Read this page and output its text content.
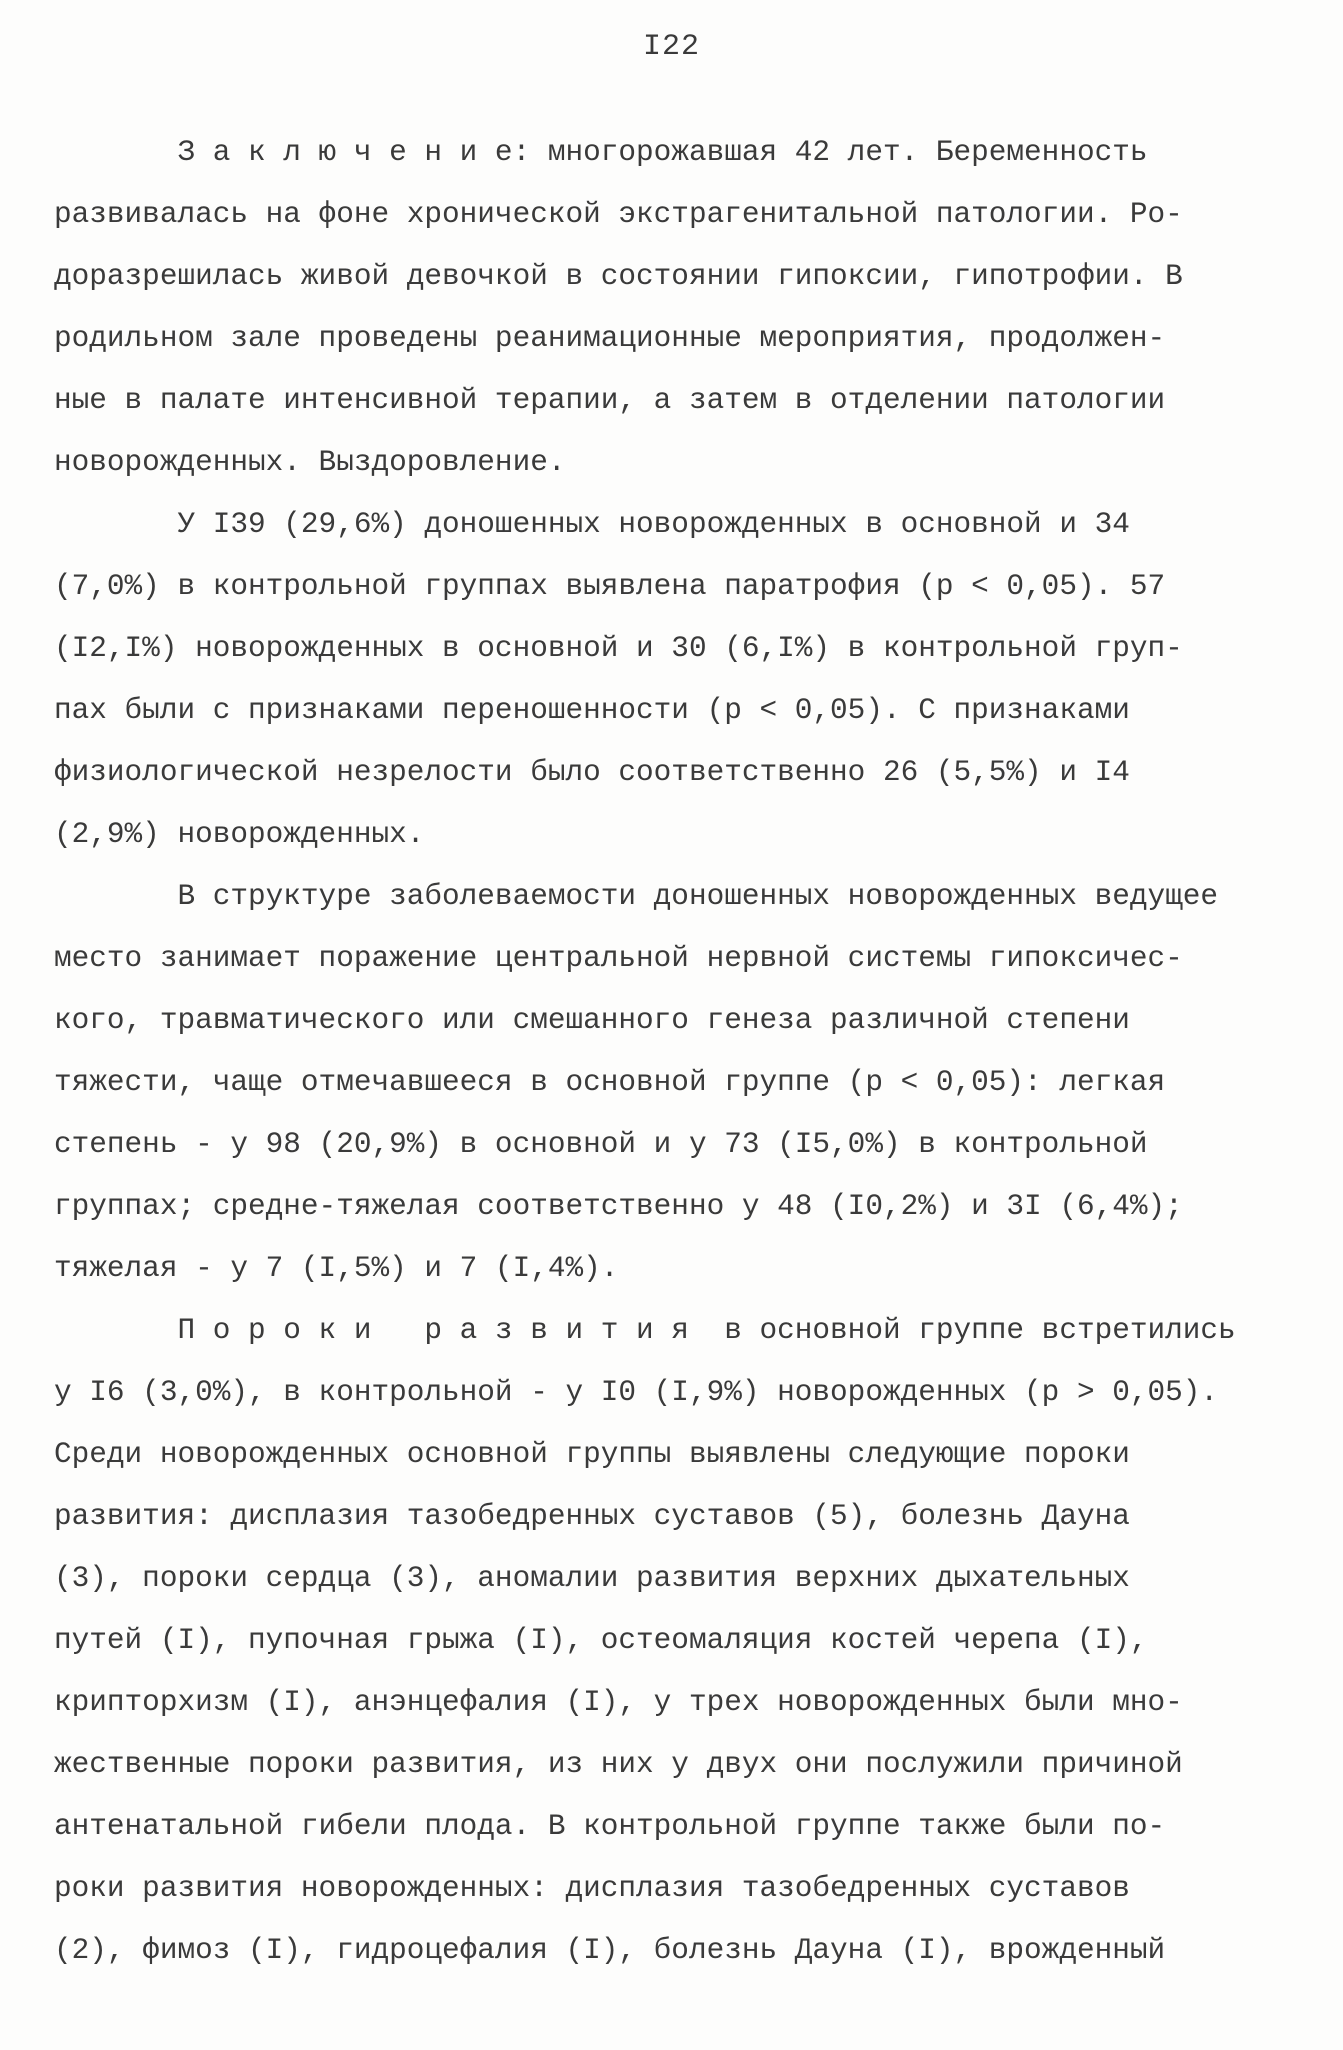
I22
З а к л ю ч е н и е: многорожавшая 42 лет. Беременность
развивалась на фоне хронической экстрагенитальной патологии. Ро-
доразрешилась живой девочкой в состоянии гипоксии, гипотрофии. В
родильном зале проведены реанимационные мероприятия, продолжен-
ные в палате интенсивной терапии, а затем в отделении патологии
новорожденных. Выздоровление.
У I39 (29,6%) доношенных новорожденных в основной и 34
(7,0%) в контрольной группах выявлена паратрофия (p < 0,05). 57
(I2,I%) новорожденных в основной и 30 (6,I%) в контрольной груп-
пах были с признаками переношенности (p < 0,05). С признаками
физиологической незрелости было соответственно 26 (5,5%) и I4
(2,9%) новорожденных.
В структуре заболеваемости доношенных новорожденных ведущее
место занимает поражение центральной нервной системы гипоксичес-
кого, травматического или смешанного генеза различной степени
тяжести, чаще отмечавшееся в основной группе (p < 0,05): легкая
степень - у 98 (20,9%) в основной и у 73 (I5,0%) в контрольной
группах; средне-тяжелая соответственно у 48 (I0,2%) и 3I (6,4%);
тяжелая - у 7 (I,5%) и 7 (I,4%).
П о р о к и   р а з в и т и я  в основной группе встретились
у I6 (3,0%), в контрольной - у I0 (I,9%) новорожденных (p > 0,05).
Среди новорожденных основной группы выявлены следующие пороки
развития: дисплазия тазобедренных суставов (5), болезнь Дауна
(3), пороки сердца (3), аномалии развития верхних дыхательных
путей (I), пупочная грыжа (I), остеомаляция костей черепа (I),
крипторхизм (I), анэнцефалия (I), у трех новорожденных были мно-
жественные пороки развития, из них у двух они послужили причиной
антенатальной гибели плода. В контрольной группе также были по-
роки развития новорожденных: дисплазия тазобедренных суставов
(2), фимоз (I), гидроцефалия (I), болезнь Дауна (I), врожденный
